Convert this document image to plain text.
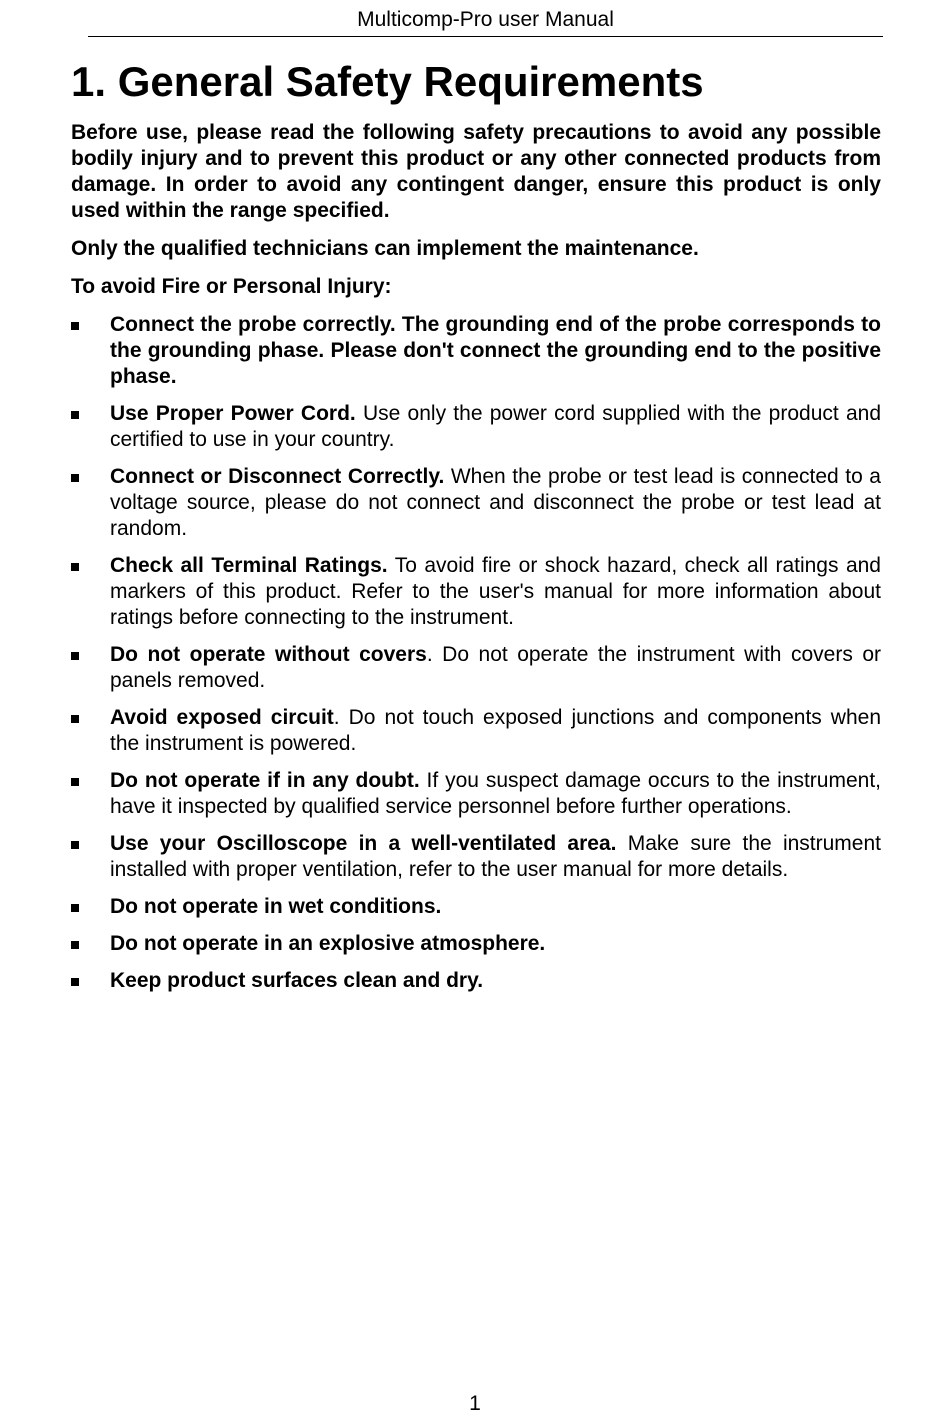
Multicomp-Pro user Manual
1. General Safety Requirements

Before use, please read the following safety precautions to avoid any possible bodily injury and to prevent this product or any other connected products from damage. In order to avoid any contingent danger, ensure this product is only used within the range specified.

Only the qualified technicians can implement the maintenance.

To avoid Fire or Personal Injury:

Connect the probe correctly. The grounding end of the probe corresponds to the grounding phase. Please don't connect the grounding end to the positive phase.
Use Proper Power Cord. Use only the power cord supplied with the product and certified to use in your country.
Connect or Disconnect Correctly. When the probe or test lead is connected to a voltage source, please do not connect and disconnect the probe or test lead at random.
Check all Terminal Ratings. To avoid fire or shock hazard, check all ratings and markers of this product. Refer to the user's manual for more information about ratings before connecting to the instrument.
Do not operate without covers. Do not operate the instrument with covers or panels removed.
Avoid exposed circuit. Do not touch exposed junctions and components when the instrument is powered.
Do not operate if in any doubt. If you suspect damage occurs to the instrument, have it inspected by qualified service personnel before further operations.
Use your Oscilloscope in a well-ventilated area. Make sure the instrument installed with proper ventilation, refer to the user manual for more details.
Do not operate in wet conditions.
Do not operate in an explosive atmosphere.
Keep product surfaces clean and dry.
1
